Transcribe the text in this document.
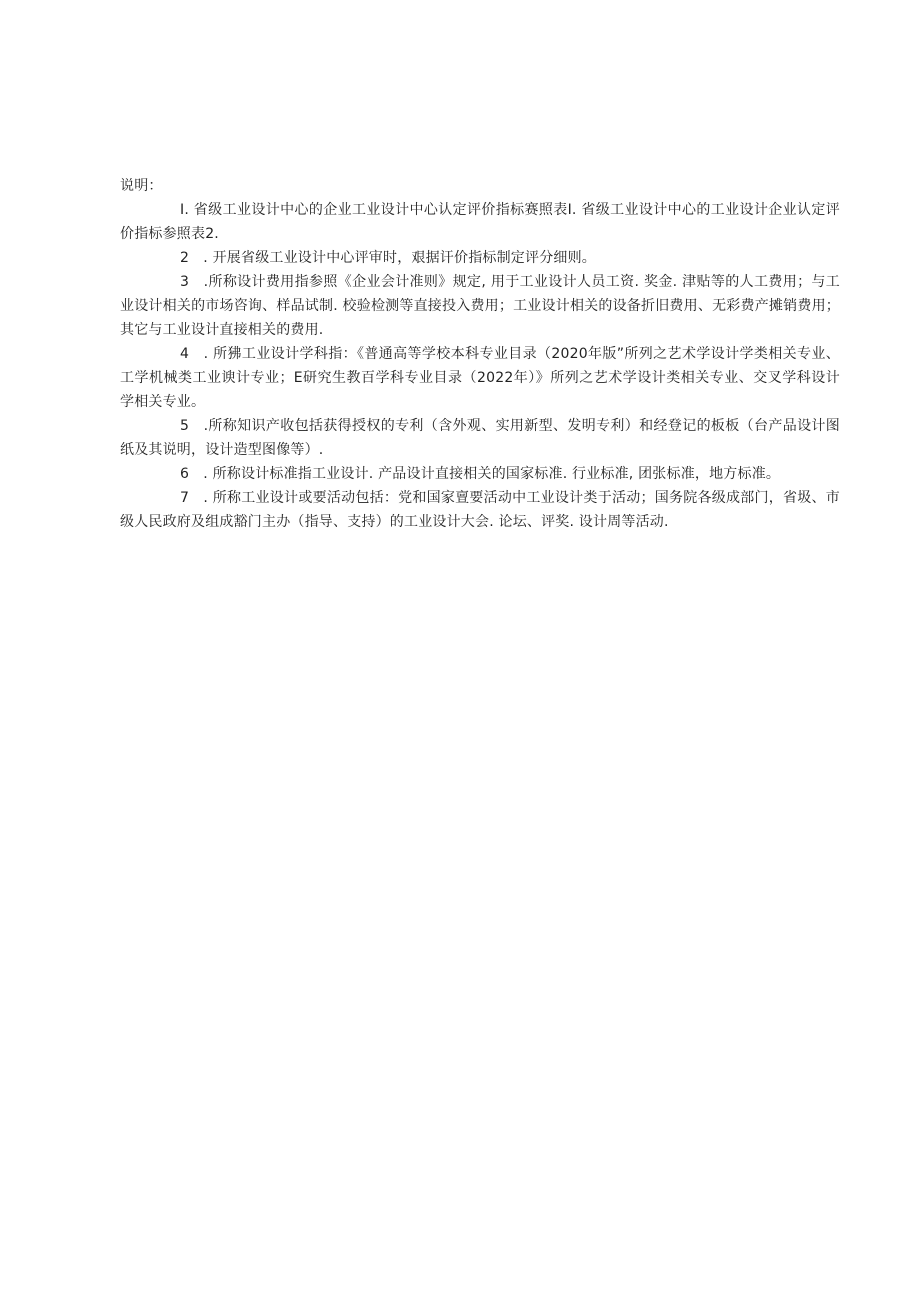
说明：

I. 省级工业设计中心的企业工业设计中心认定评价指标赛照表I. 省级工业设计中心的工业设计企业认定评价指标参照表2.

2　. 开展省级工业设计中心评审时，艰据讦价指标制定评分细则。

3　.所称设计费用指参照《企业会计准则》规定, 用于工业设计人员工资. 奖金. 津贴等的人工费用；与工业设计相关的市场咨询、样品试制. 校验检测等直接投入费用；工业设计相关的设备折旧费用、无彩费产摊销费用；其它与工业设计直接相关的费用.

4　. 所狒工业设计学科指：《普通高等学校本科专业目录（2020年版”所列之艺术学设计学类相关专业、工学机械类工业谀计专业；E研究生教百学科专业目录（2022年）》所列之艺术学设计类相关专业、交叉学科设计学相关专业。

5　.所称知识产收包括获得授权的专利（含外观、实用新型、发明专利）和经登记的板板（台产品设计图纸及其说明，设计造型图像等）.

6　. 所称设计标准指工业设计. 产品设计直接相关的国家标准. 行业标准, 团张标准，地方标准。

7　. 所称工业设计或要活动包括：党和国家亶要活动中工业设计类于活动；国务院各级成部门，省圾、市级人民政府及组成豁门主办（指导、支持）的工业设计大会. 论坛、评奖. 设计周等活动.
